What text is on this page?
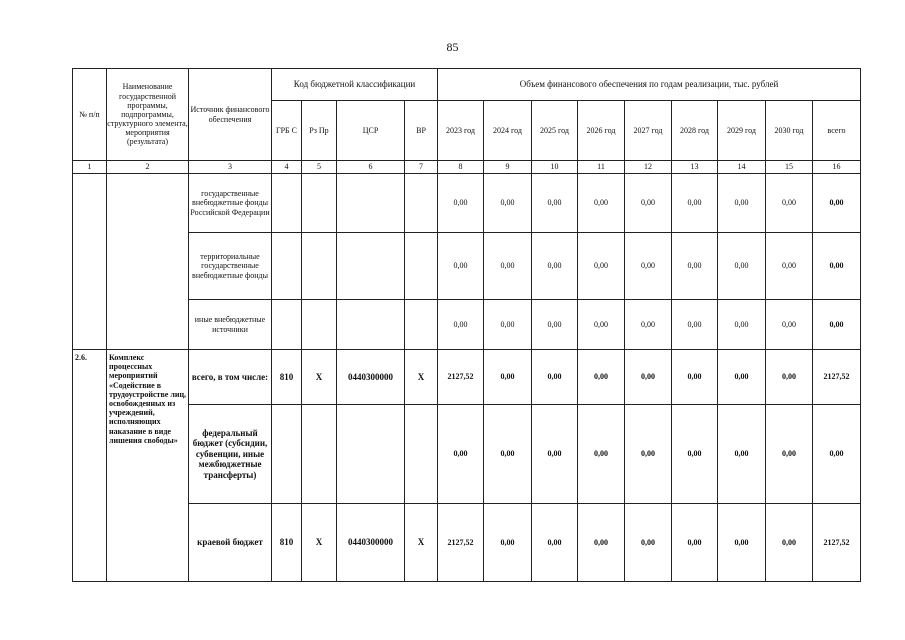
85
№ п/п	Наименование государственной программы, подпрограммы, структурного элемента, мероприятия (результата)	Источник финансового обеспечения	Код бюджетной классификации				Объем финансового обеспечения по годам реализации, тыс. рублей								
			ГРБ С	Рз Пр	ЦСР	ВР	2023 год	2024 год	2025 год	2026 год	2027 год	2028 год	2029 год	2030 год	всего
1	2	3	4	5	6	7	8	9	10	11	12	13	14	15	16
		государственные внебюджетные фонды Российской Федерации					0,00	0,00	0,00	0,00	0,00	0,00	0,00	0,00	0,00
		территориальные государственные внебюджетные фонды					0,00	0,00	0,00	0,00	0,00	0,00	0,00	0,00	0,00
		иные внебюджетные источники					0,00	0,00	0,00	0,00	0,00	0,00	0,00	0,00	0,00
2.6.	Комплекс процессных мероприятий «Содействие в трудоустройстве лиц, освобожденных из учреждений, исполняющих наказание в виде лишения свободы»	всего, в том числе:	810	Х	0440300000	Х	2127,52	0,00	0,00	0,00	0,00	0,00	0,00	0,00	2127,52
		федеральный бюджет (субсидии, субвенции, иные межбюджетные трансферты)					0,00	0,00	0,00	0,00	0,00	0,00	0,00	0,00	0,00
		краевой бюджет	810	Х	0440300000	Х	2127,52	0,00	0,00	0,00	0,00	0,00	0,00	0,00	2127,52
